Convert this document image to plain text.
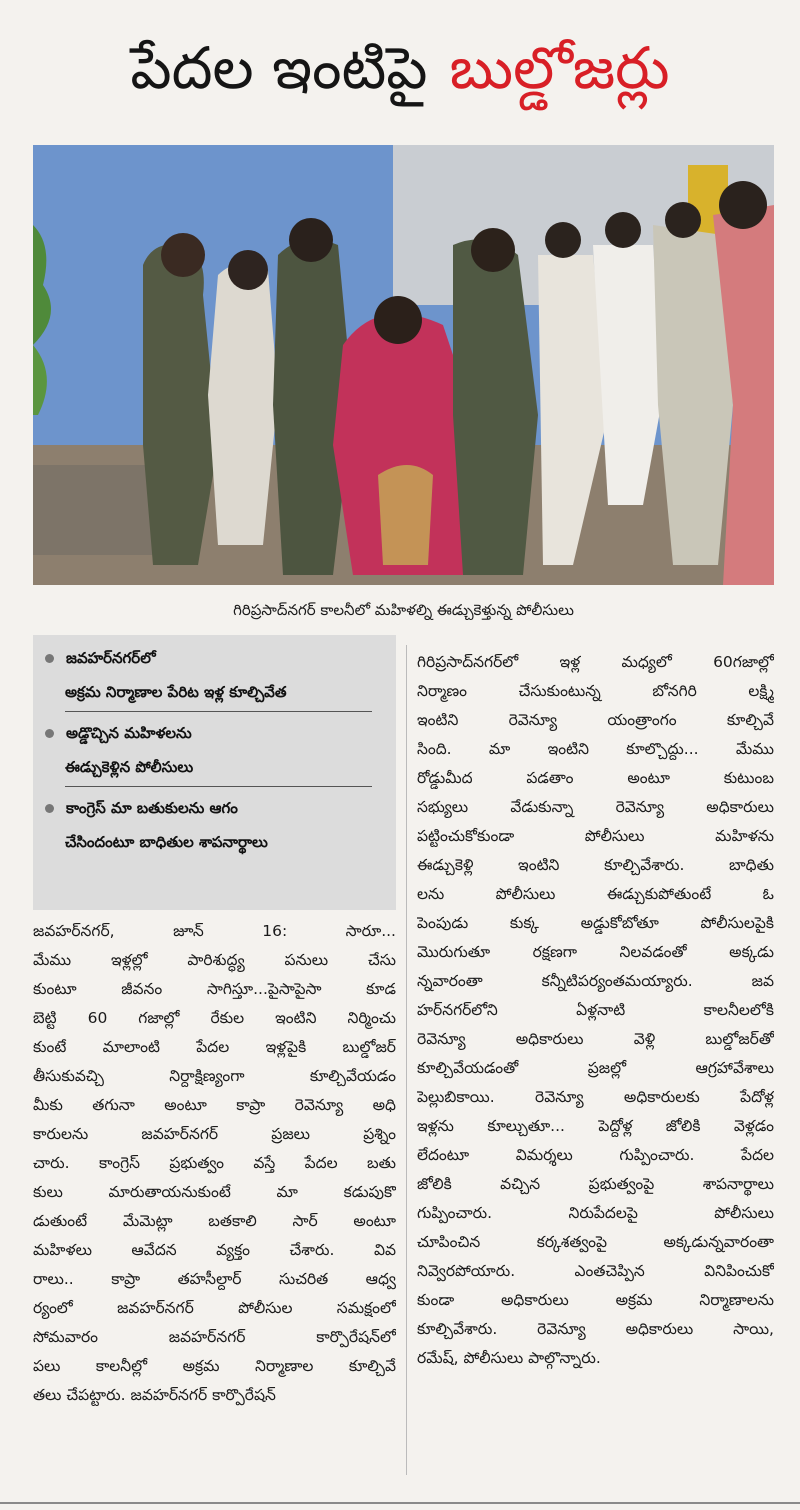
పేదల ఇంటిపై బుల్డోజర్లు
గిరిప్రసాద్‌నగర్ కాలనీలో మహిళల్ని ఈడ్చుకెళ్తున్న పోలీసులు
జవహర్‌నగర్‌లో
అక్రమ నిర్మాణాల పేరిట ఇళ్ల కూల్చివేత
అడ్డొచ్చిన మహిళలను
ఈడ్చుకెళ్లిన పోలీసులు
కాంగ్రెస్ మా బతుకులను ఆగం
చేసిందంటూ బాధితుల శాపనార్థాలు
జవహర్‌నగర్, జూన్ 16: సారూ...
మేము ఇళ్లల్లో పారిశుద్ధ్య పనులు చేసు
కుంటూ జీవనం సాగిస్తూ...పైసాపైసా కూడ
బెట్టి 60 గజాల్లో రేకుల ఇంటిని నిర్మించు
కుంటే మాలాంటి పేదల ఇళ్లపైకి బుల్డోజర్
తీసుకువచ్చి నిర్దాక్షిణ్యంగా కూల్చివేయడం
మీకు తగునా అంటూ కాప్రా రెవెన్యూ అధి
కారులను జవహర్‌నగర్ ప్రజలు ప్రశ్నిం
చారు. కాంగ్రెస్ ప్రభుత్వం వస్తే పేదల బతు
కులు మారుతాయనుకుంటే మా కడుపుకొ
డుతుంటే మేమెట్లా బతకాలి సార్ అంటూ
మహిళలు ఆవేదన వ్యక్తం చేశారు. వివ
రాలు.. కాప్రా తహసీల్దార్ సుచరిత ఆధ్వ
ర్యంలో జవహర్‌నగర్ పోలీసుల సమక్షంలో
సోమవారం జవహర్‌నగర్ కార్పొరేషన్‌లో
పలు కాలనీల్లో అక్రమ నిర్మాణాల కూల్చివే
తలు చేపట్టారు. జవహర్‌నగర్ కార్పొరేషన్
గిరిప్రసాద్‌నగర్‌లో ఇళ్ల మధ్యలో 60గజాల్లో
నిర్మాణం చేసుకుంటున్న బోనగిరి లక్ష్మి
ఇంటిని రెవెన్యూ యంత్రాంగం కూల్చివే
సింది. మా ఇంటిని కూల్చొద్దు... మేము
రోడ్డుమీద పడతాం అంటూ కుటుంబ
సభ్యులు వేడుకున్నా రెవెన్యూ అధికారులు
పట్టించుకోకుండా పోలీసులు మహిళను
ఈడ్చుకెళ్లి ఇంటిని కూల్చివేశారు. బాధితు
లను పోలీసులు ఈడ్చుకుపోతుంటే ఓ
పెంపుడు కుక్క అడ్డుకోబోతూ పోలీసులపైకి
మొరుగుతూ రక్షణగా నిలవడంతో అక్కడు
న్నవారంతా కన్నీటిపర్యంతమయ్యారు. జవ
హర్‌నగర్‌లోని ఏళ్లనాటి కాలనీలలోకి
రెవెన్యూ అధికారులు వెళ్లి బుల్డోజర్‌తో
కూల్చివేయడంతో ప్రజల్లో ఆగ్రహావేశాలు
పెల్లుబికాయి. రెవెన్యూ అధికారులకు పేదోళ్ల
ఇళ్లను కూల్చుతూ... పెద్దోళ్ల జోలికి వెళ్లడం
లేదంటూ విమర్శలు గుప్పించారు. పేదల
జోలికి వచ్చిన ప్రభుత్వంపై శాపనార్థాలు
గుప్పించారు. నిరుపేదలపై పోలీసులు
చూపించిన కర్కశత్వంపై అక్కడున్నవారంతా
నివ్వెరపోయారు. ఎంతచెప్పిన వినిపించుకో
కుండా అధికారులు అక్రమ నిర్మాణాలను
కూల్చివేశారు. రెవెన్యూ అధికారులు సాయి,
రమేష్, పోలీసులు పాల్గొన్నారు.
